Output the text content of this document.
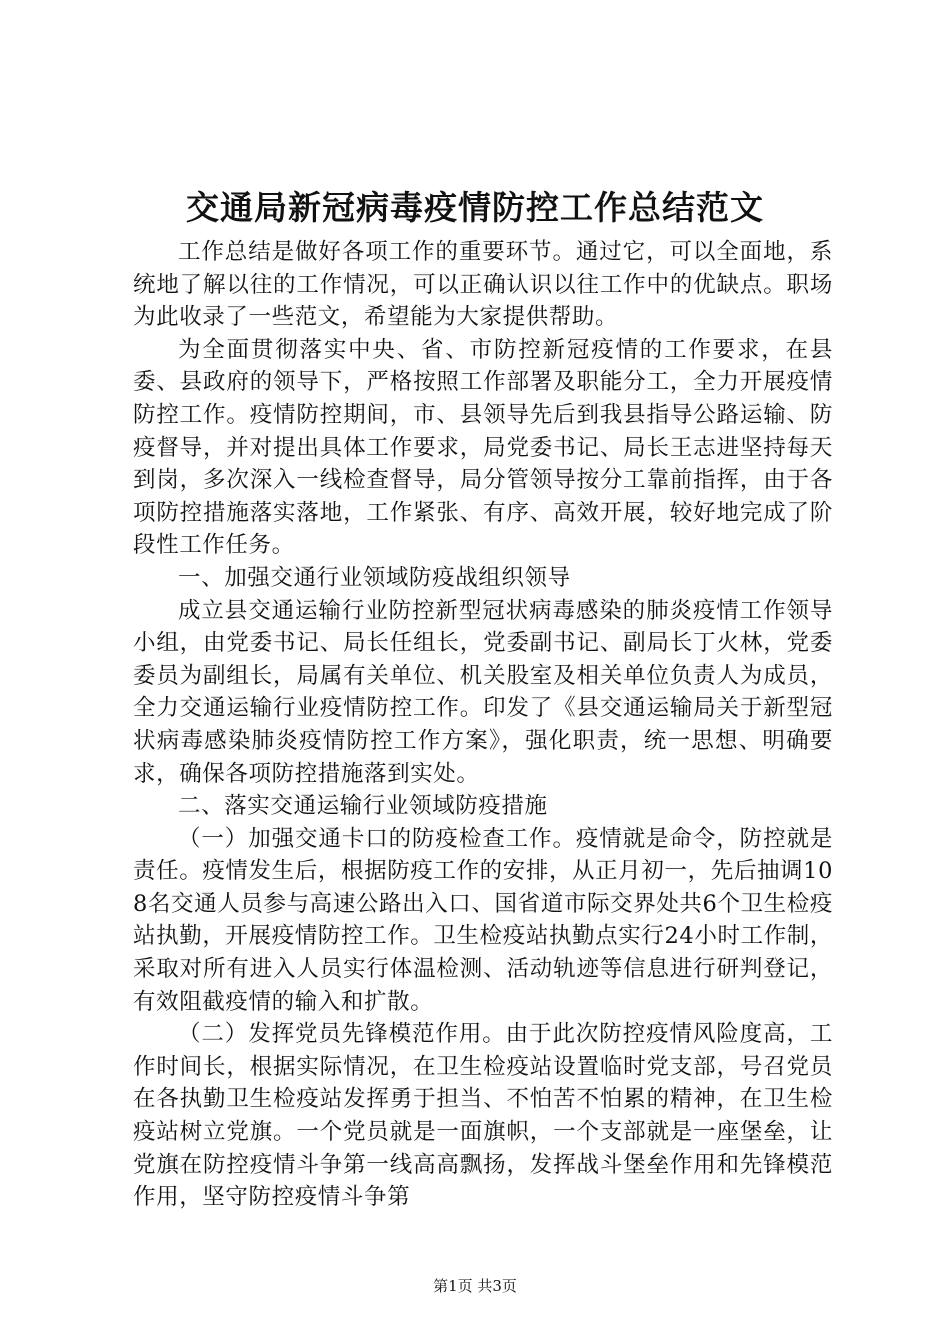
交通局新冠病毒疫情防控工作总结范文

工作总结是做好各项工作的重要环节。通过它，可以全面地，系统地了解以往的工作情况，可以正确认识以往工作中的优缺点。职场为此收录了一些范文，希望能为大家提供帮助。

为全面贯彻落实中央、省、市防控新冠疫情的工作要求，在县委、县政府的领导下，严格按照工作部署及职能分工，全力开展疫情防控工作。疫情防控期间，市、县领导先后到我县指导公路运输、防疫督导，并对提出具体工作要求，局党委书记、局长王志进坚持每天到岗，多次深入一线检查督导，局分管领导按分工靠前指挥，由于各项防控措施落实落地，工作紧张、有序、高效开展，较好地完成了阶段性工作任务。

一、加强交通行业领域防疫战组织领导

成立县交通运输行业防控新型冠状病毒感染的肺炎疫情工作领导小组，由党委书记、局长任组长，党委副书记、副局长丁火林，党委委员为副组长，局属有关单位、机关股室及相关单位负责人为成员，全力交通运输行业疫情防控工作。印发了《县交通运输局关于新型冠状病毒感染肺炎疫情防控工作方案》，强化职责，统一思想、明确要求，确保各项防控措施落到实处。

二、落实交通运输行业领域防疫措施

（一）加强交通卡口的防疫检查工作。疫情就是命令，防控就是责任。疫情发生后，根据防疫工作的安排，从正月初一，先后抽调108名交通人员参与高速公路出入口、国省道市际交界处共6个卫生检疫站执勤，开展疫情防控工作。卫生检疫站执勤点实行24小时工作制，采取对所有进入人员实行体温检测、活动轨迹等信息进行研判登记，有效阻截疫情的输入和扩散。

（二）发挥党员先锋模范作用。由于此次防控疫情风险度高，工作时间长，根据实际情况，在卫生检疫站设置临时党支部，号召党员在各执勤卫生检疫站发挥勇于担当、不怕苦不怕累的精神，在卫生检疫站树立党旗。一个党员就是一面旗帜，一个支部就是一座堡垒，让党旗在防控疫情斗争第一线高高飘扬，发挥战斗堡垒作用和先锋模范作用，坚守防控疫情斗争第

第1页 共3页
